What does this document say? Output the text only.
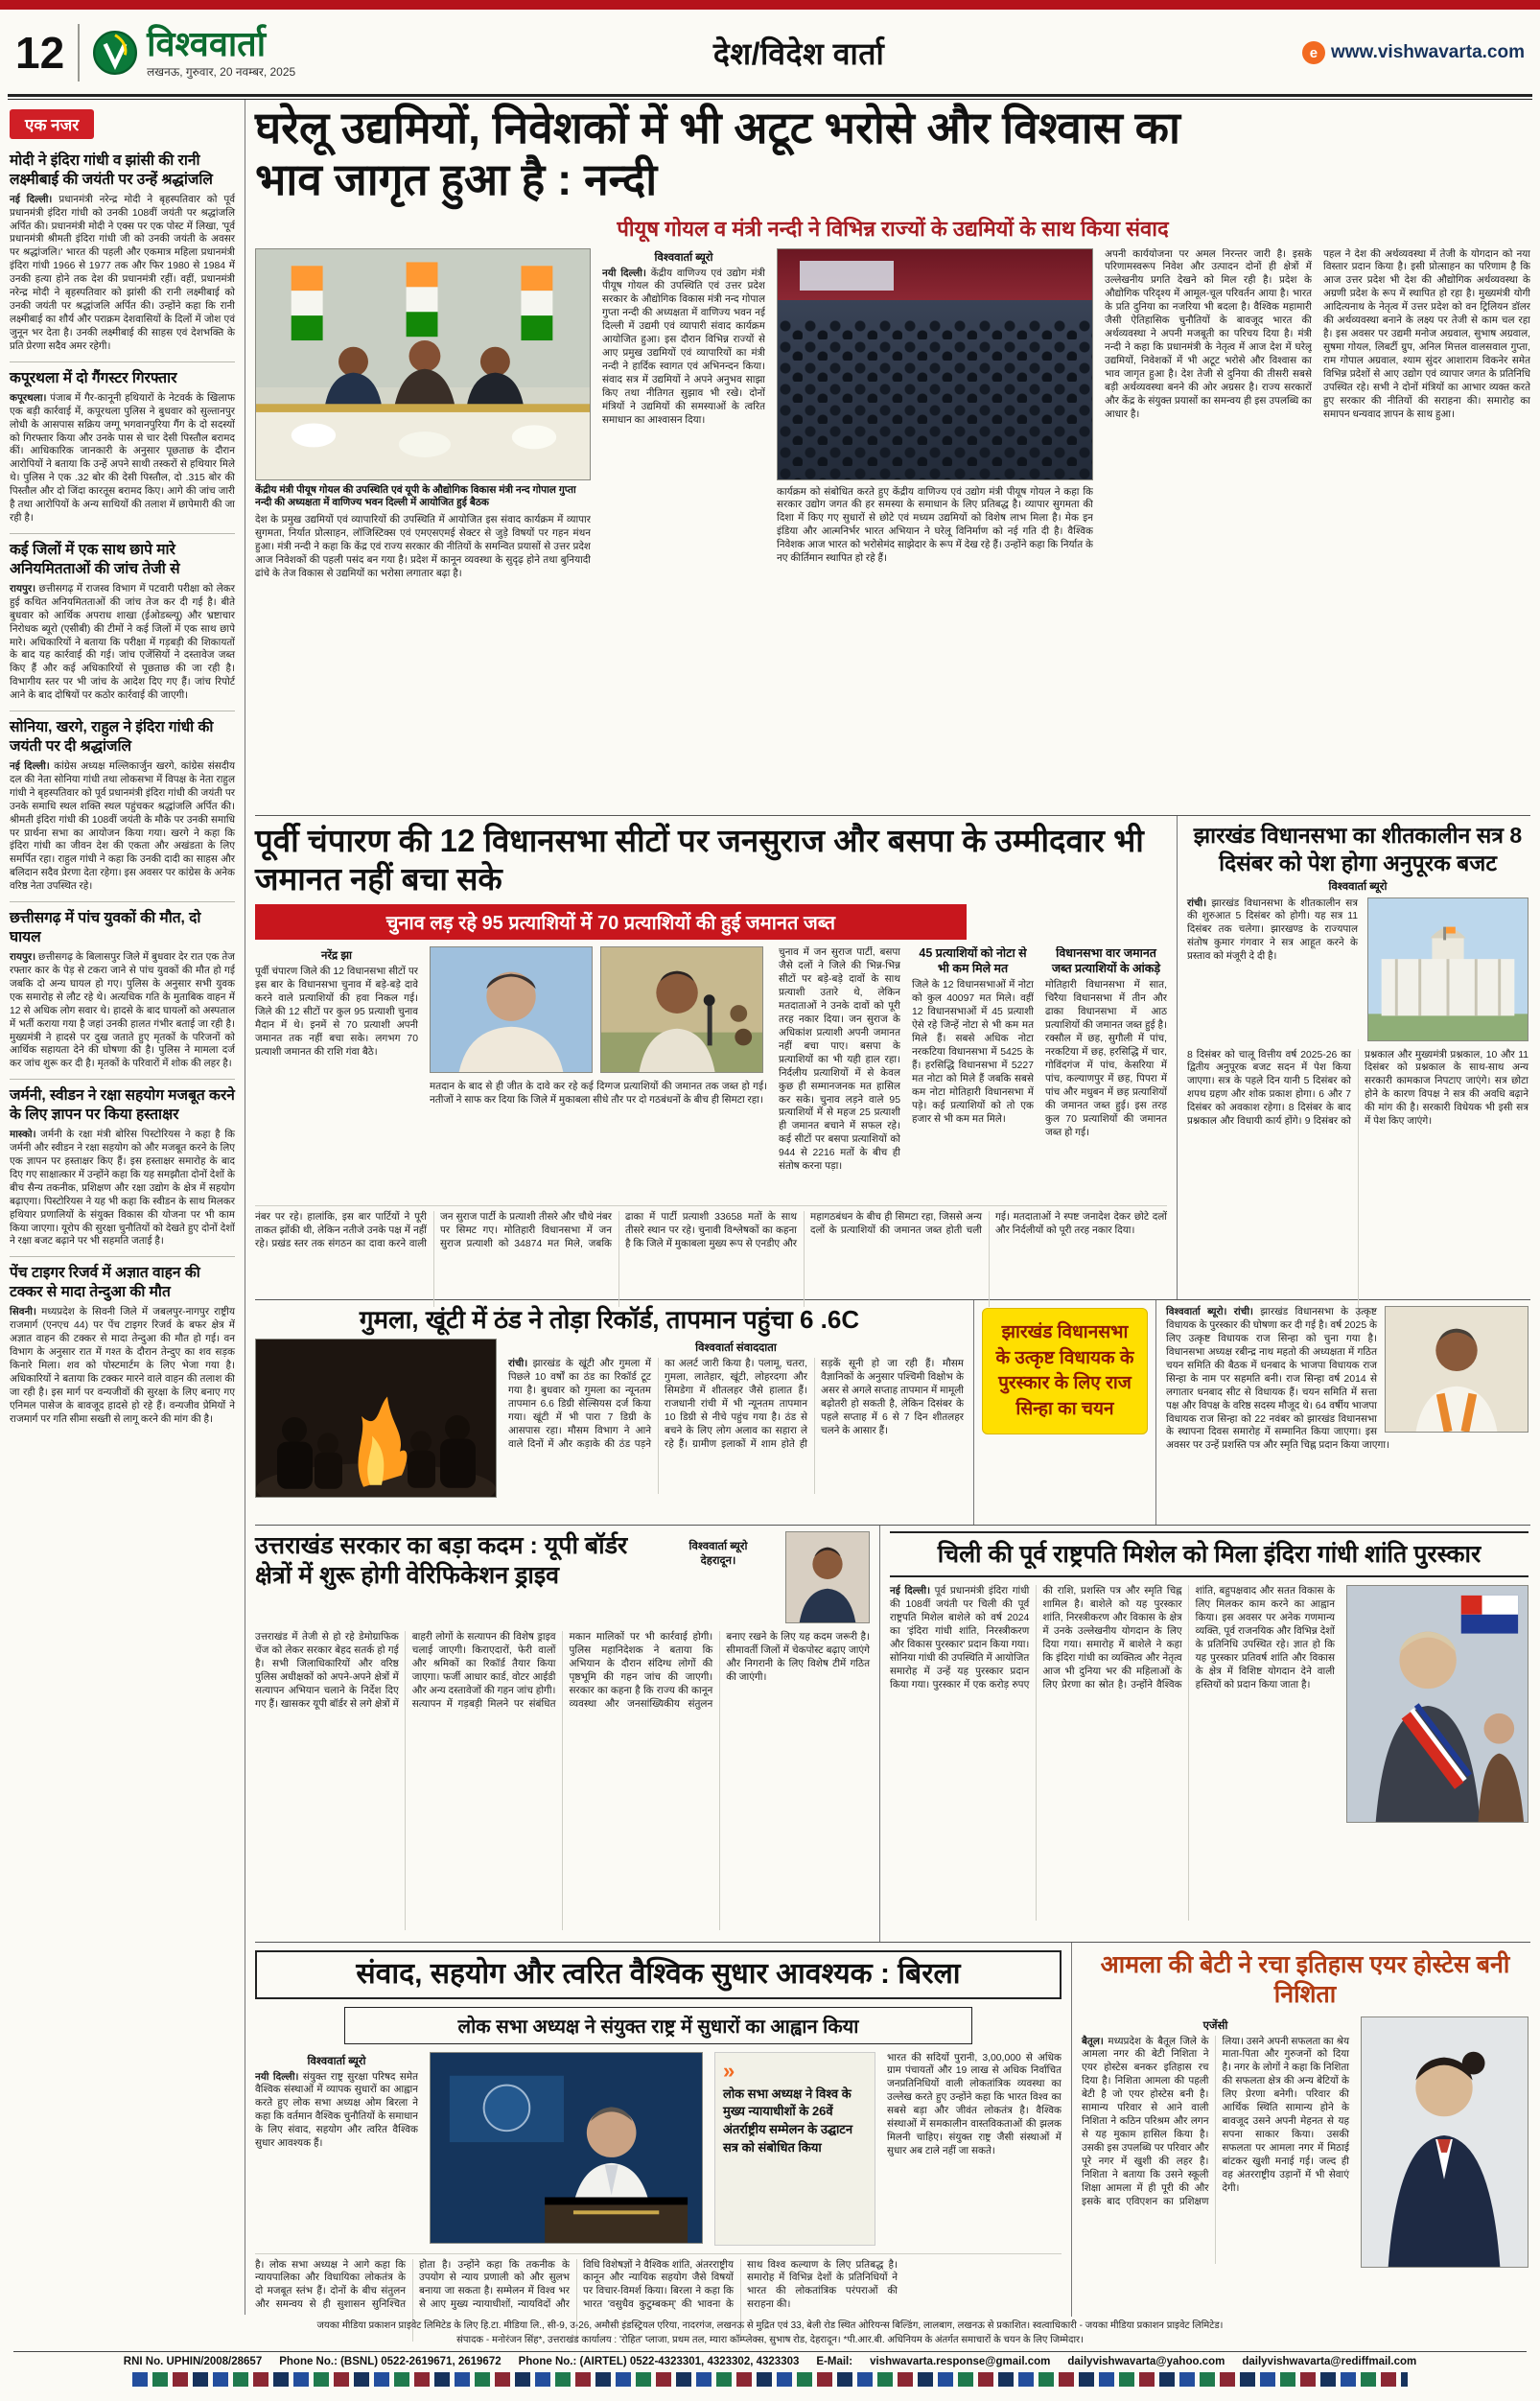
12 विश्ववार्ता
लखनऊ, गुरुवार, 20 नवम्बर, 2025
देश/विदेश वार्ता	e www.vishwavarta.com
एक नजर
मोदी ने इंदिरा गांधी व झांसी की रानी लक्ष्मीबाई की जयंती पर उन्हें श्रद्धांजलि

नई दिल्ली। प्रधानमंत्री नरेन्द्र मोदी ने बृहस्पतिवार को पूर्व प्रधानमंत्री इंदिरा गांधी को उनकी 108वीं जयंती पर श्रद्धांजलि अर्पित की। प्रधानमंत्री मोदी ने एक्स पर एक पोस्ट में लिखा, 'पूर्व प्रधानमंत्री श्रीमती इंदिरा गांधी जी को उनकी जयंती के अवसर पर श्रद्धांजलि।' भारत की पहली और एकमात्र महिला प्रधानमंत्री इंदिरा गांधी 1966 से 1977 तक और फिर 1980 से 1984 में उनकी हत्या होने तक देश की प्रधानमंत्री रहीं। वहीं, प्रधानमंत्री नरेन्द्र मोदी ने बृहस्पतिवार को झांसी की रानी लक्ष्मीबाई को उनकी जयंती पर श्रद्धांजलि अर्पित की। उन्होंने कहा कि रानी लक्ष्मीबाई का शौर्य और पराक्रम देशवासियों के दिलों में जोश एवं जुनून भर देता है। उनकी लक्ष्मीबाई की साहस एवं देशभक्ति के प्रति प्रेरणा सदैव अमर रहेगी।

कपूरथला में दो गैंगस्टर गिरफ्तार

कपूरथला। पंजाब में गैर-कानूनी हथियारों के नेटवर्क के खिलाफ एक बड़ी कार्रवाई में, कपूरथला पुलिस ने बुधवार को सुल्तानपुर लोधी के आसपास सक्रिय जग्गू भगवानपुरिया गैंग के दो सदस्यों को गिरफ्तार किया और उनके पास से चार देसी पिस्तौल बरामद कीं। आधिकारिक जानकारी के अनुसार पूछताछ के दौरान आरोपियों ने बताया कि उन्हें अपने साथी तस्करों से हथियार मिले थे। पुलिस ने एक .32 बोर की देसी पिस्तौल, दो .315 बोर की पिस्तौल और दो जिंदा कारतूस बरामद किए। आगे की जांच जारी है तथा आरोपियों के अन्य साथियों की तलाश में छापेमारी की जा रही है।

कई जिलों में एक साथ छापे मारे अनियमितताओं की जांच तेजी से

रायपुर। छत्तीसगढ़ में राजस्व विभाग में पटवारी परीक्षा को लेकर हुई कथित अनियमितताओं की जांच तेज कर दी गई है। बीते बुधवार को आर्थिक अपराध शाखा (ईओडब्ल्यू) और भ्रष्टाचार निरोधक ब्यूरो (एसीबी) की टीमों ने कई जिलों में एक साथ छापे मारे। अधिकारियों ने बताया कि परीक्षा में गड़बड़ी की शिकायतों के बाद यह कार्रवाई की गई। जांच एजेंसियों ने दस्तावेज जब्त किए हैं और कई अधिकारियों से पूछताछ की जा रही है। विभागीय स्तर पर भी जांच के आदेश दिए गए हैं। जांच रिपोर्ट आने के बाद दोषियों पर कठोर कार्रवाई की जाएगी।

सोनिया, खरगे, राहुल ने इंदिरा गांधी की जयंती पर दी श्रद्धांजलि

नई दिल्ली। कांग्रेस अध्यक्ष मल्लिकार्जुन खरगे, कांग्रेस संसदीय दल की नेता सोनिया गांधी तथा लोकसभा में विपक्ष के नेता राहुल गांधी ने बृहस्पतिवार को पूर्व प्रधानमंत्री इंदिरा गांधी की जयंती पर उनके समाधि स्थल शक्ति स्थल पहुंचकर श्रद्धांजलि अर्पित की। श्रीमती इंदिरा गांधी की 108वीं जयंती के मौके पर उनकी समाधि पर प्रार्थना सभा का आयोजन किया गया। खरगे ने कहा कि इंदिरा गांधी का जीवन देश की एकता और अखंडता के लिए समर्पित रहा। राहुल गांधी ने कहा कि उनकी दादी का साहस और बलिदान सदैव प्रेरणा देता रहेगा। इस अवसर पर कांग्रेस के अनेक वरिष्ठ नेता उपस्थित रहे।

छत्तीसगढ़ में पांच युवकों की मौत, दो घायल

रायपुर। छत्तीसगढ़ के बिलासपुर जिले में बुधवार देर रात एक तेज रफ्तार कार के पेड़ से टकरा जाने से पांच युवकों की मौत हो गई जबकि दो अन्य घायल हो गए। पुलिस के अनुसार सभी युवक एक समारोह से लौट रहे थे। अत्यधिक गति के मुताबिक वाहन में 12 से अधिक लोग सवार थे। हादसे के बाद घायलों को अस्पताल में भर्ती कराया गया है जहां उनकी हालत गंभीर बताई जा रही है। मुख्यमंत्री ने हादसे पर दुख जताते हुए मृतकों के परिजनों को आर्थिक सहायता देने की घोषणा की है। पुलिस ने मामला दर्ज कर जांच शुरू कर दी है। मृतकों के परिवारों में शोक की लहर है।

जर्मनी, स्वीडन ने रक्षा सहयोग मजबूत करने के लिए ज्ञापन पर किया हस्ताक्षर

मास्को। जर्मनी के रक्षा मंत्री बोरिस पिस्टोरियस ने कहा है कि जर्मनी और स्वीडन ने रक्षा सहयोग को और मजबूत करने के लिए एक ज्ञापन पर हस्ताक्षर किए हैं। इस हस्ताक्षर समारोह के बाद दिए गए साक्षात्कार में उन्होंने कहा कि यह समझौता दोनों देशों के बीच सैन्य तकनीक, प्रशिक्षण और रक्षा उद्योग के क्षेत्र में सहयोग बढ़ाएगा। पिस्टोरियस ने यह भी कहा कि स्वीडन के साथ मिलकर हथियार प्रणालियों के संयुक्त विकास की योजना पर भी काम किया जाएगा। यूरोप की सुरक्षा चुनौतियों को देखते हुए दोनों देशों ने रक्षा बजट बढ़ाने पर भी सहमति जताई है।

पेंच टाइगर रिजर्व में अज्ञात वाहन की टक्कर से मादा तेन्दुआ की मौत

सिवनी। मध्यप्रदेश के सिवनी जिले में जबलपुर-नागपुर राष्ट्रीय राजमार्ग (एनएच 44) पर पेंच टाइगर रिजर्व के बफर क्षेत्र में अज्ञात वाहन की टक्कर से मादा तेन्दुआ की मौत हो गई। वन विभाग के अनुसार रात में गश्त के दौरान तेन्दुए का शव सड़क किनारे मिला। शव को पोस्टमार्टम के लिए भेजा गया है। अधिकारियों ने बताया कि टक्कर मारने वाले वाहन की तलाश की जा रही है। इस मार्ग पर वन्यजीवों की सुरक्षा के लिए बनाए गए एनिमल पासेज के बावजूद हादसे हो रहे हैं। वन्यजीव प्रेमियों ने राजमार्ग पर गति सीमा सख्ती से लागू करने की मांग की है।

घरेलू उद्यमियों, निवेशकों में भी अटूट भरोसे और विश्वास का भाव जागृत हुआ है : नन्दी
पीयूष गोयल व मंत्री नन्दी ने विभिन्न राज्यों के उद्यमियों के साथ किया संवाद
केंद्रीय मंत्री पीयूष गोयल की उपस्थिति एवं यूपी के औद्योगिक विकास मंत्री नन्द गोपाल गुप्ता नन्दी की अध्यक्षता में वाणिज्य भवन दिल्ली में आयोजित हुई बैठक

देश के प्रमुख उद्यमियों एवं व्यापारियों की उपस्थिति में आयोजित इस संवाद कार्यक्रम में व्यापार सुगमता, निर्यात प्रोत्साहन, लॉजिस्टिक्स एवं एमएसएमई सेक्टर से जुड़े विषयों पर गहन मंथन हुआ। मंत्री नन्दी ने कहा कि केंद्र एवं राज्य सरकार की नीतियों के समन्वित प्रयासों से उत्तर प्रदेश आज निवेशकों की पहली पसंद बन गया है। प्रदेश में कानून व्यवस्था के सुदृढ़ होने तथा बुनियादी ढांचे के तेज विकास से उद्यमियों का भरोसा लगातार बढ़ा है।

विश्ववार्ता ब्यूरो

नयी दिल्ली। केंद्रीय वाणिज्य एवं उद्योग मंत्री पीयूष गोयल की उपस्थिति एवं उत्तर प्रदेश सरकार के औद्योगिक विकास मंत्री नन्द गोपाल गुप्ता नन्दी की अध्यक्षता में वाणिज्य भवन नई दिल्ली में उद्यमी एवं व्यापारी संवाद कार्यक्रम आयोजित हुआ। इस दौरान विभिन्न राज्यों से आए प्रमुख उद्यमियों एवं व्यापारियों का मंत्री नन्दी ने हार्दिक स्वागत एवं अभिनन्दन किया। संवाद सत्र में उद्यमियों ने अपने अनुभव साझा किए तथा नीतिगत सुझाव भी रखे। दोनों मंत्रियों ने उद्यमियों की समस्याओं के त्वरित समाधान का आश्वासन दिया।

कार्यक्रम को संबोधित करते हुए केंद्रीय वाणिज्य एवं उद्योग मंत्री पीयूष गोयल ने कहा कि सरकार उद्योग जगत की हर समस्या के समाधान के लिए प्रतिबद्ध है। व्यापार सुगमता की दिशा में किए गए सुधारों से छोटे एवं मध्यम उद्यमियों को विशेष लाभ मिला है। मेक इन इंडिया और आत्मनिर्भर भारत अभियान ने घरेलू विनिर्माण को नई गति दी है। वैश्विक निवेशक आज भारत को भरोसेमंद साझेदार के रूप में देख रहे हैं। उन्होंने कहा कि निर्यात के नए कीर्तिमान स्थापित हो रहे हैं।

अपनी कार्ययोजना पर अमल निरन्तर जारी है। इसके परिणामस्वरूप निवेश और उत्पादन दोनों ही क्षेत्रों में उल्लेखनीय प्रगति देखने को मिल रही है। प्रदेश के औद्योगिक परिदृश्य में आमूल-चूल परिवर्तन आया है। भारत के प्रति दुनिया का नजरिया भी बदला है। वैश्विक महामारी जैसी ऐतिहासिक चुनौतियों के बावजूद भारत की अर्थव्यवस्था ने अपनी मजबूती का परिचय दिया है। मंत्री नन्दी ने कहा कि प्रधानमंत्री के नेतृत्व में आज देश में घरेलू उद्यमियों, निवेशकों में भी अटूट भरोसे और विश्वास का भाव जागृत हुआ है। देश तेजी से दुनिया की तीसरी सबसे बड़ी अर्थव्यवस्था बनने की ओर अग्रसर है। राज्य सरकारों और केंद्र के संयुक्त प्रयासों का समन्वय ही इस उपलब्धि का आधार है।

पहल ने देश की अर्थव्यवस्था में तेजी के योगदान को नया विस्तार प्रदान किया है। इसी प्रोत्साहन का परिणाम है कि आज उत्तर प्रदेश भी देश की औद्योगिक अर्थव्यवस्था के अग्रणी प्रदेश के रूप में स्थापित हो रहा है। मुख्यमंत्री योगी आदित्यनाथ के नेतृत्व में उत्तर प्रदेश को वन ट्रिलियन डॉलर की अर्थव्यवस्था बनाने के लक्ष्य पर तेजी से काम चल रहा है। इस अवसर पर उद्यमी मनोज अग्रवाल, सुभाष अग्रवाल, सुषमा गोयल, लिबर्टी ग्रुप, अनिल मित्तल वालसवाल गुप्ता, राम गोपाल अग्रवाल, श्याम सुंदर आशाराम विकनेर समेत विभिन्न प्रदेशों से आए उद्योग एवं व्यापार जगत के प्रतिनिधि उपस्थित रहे। सभी ने दोनों मंत्रियों का आभार व्यक्त करते हुए सरकार की नीतियों की सराहना की। समारोह का समापन धन्यवाद ज्ञापन के साथ हुआ।

पूर्वी चंपारण की 12 विधानसभा सीटों पर जनसुराज और बसपा के उम्मीदवार भी जमानत नहीं बचा सके
चुनाव लड़ रहे 95 प्रत्याशियों में 70 प्रत्याशियों की हुई जमानत जब्त
नरेंद्र झा

पूर्वी चंपारण जिले की 12 विधानसभा सीटों पर इस बार के विधानसभा चुनाव में बड़े-बड़े दावे करने वाले प्रत्याशियों की हवा निकल गई। जिले की 12 सीटों पर कुल 95 प्रत्याशी चुनाव मैदान में थे। इनमें से 70 प्रत्याशी अपनी जमानत तक नहीं बचा सके। लगभग 70 प्रत्याशी जमानत की राशि गंवा बैठे।

मतदान के बाद से ही जीत के दावे कर रहे कई दिग्गज प्रत्याशियों की जमानत तक जब्त हो गई। नतीजों ने साफ कर दिया कि जिले में मुकाबला सीधे तौर पर दो गठबंधनों के बीच ही सिमटा रहा।

चुनाव में जन सुराज पार्टी, बसपा जैसे दलों ने जिले की भिन्न-भिन्न सीटों पर बड़े-बड़े दावों के साथ प्रत्याशी उतारे थे, लेकिन मतदाताओं ने उनके दावों को पूरी तरह नकार दिया। जन सुराज के अधिकांश प्रत्याशी अपनी जमानत नहीं बचा पाए। बसपा के प्रत्याशियों का भी यही हाल रहा। निर्दलीय प्रत्याशियों में से केवल कुछ ही सम्मानजनक मत हासिल कर सके। चुनाव लड़ने वाले 95 प्रत्याशियों में से महज 25 प्रत्याशी ही जमानत बचाने में सफल रहे। कई सीटों पर बसपा प्रत्याशियों को 944 से 2216 मतों के बीच ही संतोष करना पड़ा।

45 प्रत्याशियों को नोटा से भी कम मिले मत

जिले के 12 विधानसभाओं में नोटा को कुल 40097 मत मिले। वहीं 12 विधानसभाओं में 45 प्रत्याशी ऐसे रहे जिन्हें नोटा से भी कम मत मिले हैं। सबसे अधिक नोटा नरकटिया विधानसभा में 5425 के हैं। हरसिद्धि विधानसभा में 5227 मत नोटा को मिले हैं जबकि सबसे कम नोटा मोतिहारी विधानसभा में पड़े। कई प्रत्याशियों को तो एक हजार से भी कम मत मिले।

विधानसभा वार जमानत जब्त प्रत्याशियों के आंकड़े

मोतिहारी विधानसभा में सात, चिरैया विधानसभा में तीन और ढाका विधानसभा में आठ प्रत्याशियों की जमानत जब्त हुई है। रक्सौल में छह, सुगौली में पांच, नरकटिया में छह, हरसिद्धि में चार, गोविंदगंज में पांच, केसरिया में पांच, कल्याणपुर में छह, पिपरा में पांच और मधुबन में छह प्रत्याशियों की जमानत जब्त हुई। इस तरह कुल 70 प्रत्याशियों की जमानत जब्त हो गई।

नंबर पर रहे। हालांकि, इस बार पार्टियों ने पूरी ताकत झोंकी थी, लेकिन नतीजे उनके पक्ष में नहीं रहे। प्रखंड स्तर तक संगठन का दावा करने वाली जन सुराज पार्टी के प्रत्याशी तीसरे और चौथे नंबर पर सिमट गए। मोतिहारी विधानसभा में जन सुराज प्रत्याशी को 34874 मत मिले, जबकि ढाका में पार्टी प्रत्याशी 33658 मतों के साथ तीसरे स्थान पर रहे। चुनावी विश्लेषकों का कहना है कि जिले में मुकाबला मुख्य रूप से एनडीए और महागठबंधन के बीच ही सिमटा रहा, जिससे अन्य दलों के प्रत्याशियों की जमानत जब्त होती चली गई। मतदाताओं ने स्पष्ट जनादेश देकर छोटे दलों और निर्दलीयों को पूरी तरह नकार दिया।

झारखंड विधानसभा का शीतकालीन सत्र 8 दिसंबर को पेश होगा अनुपूरक बजट
विश्ववार्ता ब्यूरो

रांची। झारखंड विधानसभा के शीतकालीन सत्र की शुरुआत 5 दिसंबर को होगी। यह सत्र 11 दिसंबर तक चलेगा। झारखण्ड के राज्यपाल संतोष कुमार गंगवार ने सत्र आहूत करने के प्रस्ताव को मंजूरी दे दी है।

8 दिसंबर को चालू वित्तीय वर्ष 2025-26 का द्वितीय अनुपूरक बजट सदन में पेश किया जाएगा। सत्र के पहले दिन यानी 5 दिसंबर को शपथ ग्रहण और शोक प्रकाश होगा। 6 और 7 दिसंबर को अवकाश रहेगा। 8 दिसंबर के बाद प्रश्नकाल और विधायी कार्य होंगे। 9 दिसंबर को प्रश्नकाल और मुख्यमंत्री प्रश्नकाल, 10 और 11 दिसंबर को प्रश्नकाल के साथ-साथ अन्य सरकारी कामकाज निपटाए जाएंगे। सत्र छोटा होने के कारण विपक्ष ने सत्र की अवधि बढ़ाने की मांग की है। सरकारी विधेयक भी इसी सत्र में पेश किए जाएंगे।

गुमला, खूंटी में ठंड ने तोड़ा रिकॉर्ड, तापमान पहुंचा 6 .6C
विश्ववार्ता संवाददाता

रांची। झारखंड के खूंटी और गुमला में पिछले 10 वर्षों का ठंड का रिकॉर्ड टूट गया है। बुधवार को गुमला का न्यूनतम तापमान 6.6 डिग्री सेल्सियस दर्ज किया गया। खूंटी में भी पारा 7 डिग्री के आसपास रहा। मौसम विभाग ने आने वाले दिनों में और कड़ाके की ठंड पड़ने का अलर्ट जारी किया है। पलामू, चतरा, गुमला, लातेहार, खूंटी, लोहरदगा और सिमडेगा में शीतलहर जैसे हालात हैं। राजधानी रांची में भी न्यूनतम तापमान 10 डिग्री से नीचे पहुंच गया है। ठंड से बचने के लिए लोग अलाव का सहारा ले रहे हैं। ग्रामीण इलाकों में शाम होते ही सड़कें सूनी हो जा रही हैं। मौसम वैज्ञानिकों के अनुसार पश्चिमी विक्षोभ के असर से अगले सप्ताह तापमान में मामूली बढ़ोतरी हो सकती है, लेकिन दिसंबर के पहले सप्ताह में 6 से 7 दिन शीतलहर चलने के आसार हैं।

झारखंड विधानसभा के उत्कृष्ट विधायक के पुरस्कार के लिए राज सिन्हा का चयन

विश्ववार्ता ब्यूरो। रांची। झारखंड विधानसभा के उत्कृष्ट विधायक के पुरस्कार की घोषणा कर दी गई है। वर्ष 2025 के लिए उत्कृष्ट विधायक राज सिन्हा को चुना गया है। विधानसभा अध्यक्ष रबीन्द्र नाथ महतो की अध्यक्षता में गठित चयन समिति की बैठक में धनबाद के भाजपा विधायक राज सिन्हा के नाम पर सहमति बनी। राज सिन्हा वर्ष 2014 से लगातार धनबाद सीट से विधायक हैं। चयन समिति में सत्ता पक्ष और विपक्ष के वरिष्ठ सदस्य मौजूद थे। 64 वर्षीय भाजपा विधायक राज सिन्हा को 22 नवंबर को झारखंड विधानसभा के स्थापना दिवस समारोह में सम्मानित किया जाएगा। इस अवसर पर उन्हें प्रशस्ति पत्र और स्मृति चिह्न प्रदान किया जाएगा।

उत्तराखंड सरकार का बड़ा कदम : यूपी बॉर्डर क्षेत्रों में शुरू होगी वेरिफिकेशन ड्राइव
विश्ववार्ता ब्यूरो
देहरादून।

उत्तराखंड में तेजी से हो रहे डेमोग्राफिक चेंज को लेकर सरकार बेहद सतर्क हो गई है। सभी जिलाधिकारियों और वरिष्ठ पुलिस अधीक्षकों को अपने-अपने क्षेत्रों में सत्यापन अभियान चलाने के निर्देश दिए गए हैं। खासकर यूपी बॉर्डर से लगे क्षेत्रों में बाहरी लोगों के सत्यापन की विशेष ड्राइव चलाई जाएगी। किराएदारों, फेरी वालों और श्रमिकों का रिकॉर्ड तैयार किया जाएगा। फर्जी आधार कार्ड, वोटर आईडी और अन्य दस्तावेजों की गहन जांच होगी। सत्यापन में गड़बड़ी मिलने पर संबंधित मकान मालिकों पर भी कार्रवाई होगी। पुलिस महानिदेशक ने बताया कि अभियान के दौरान संदिग्ध लोगों की पृष्ठभूमि की गहन जांच की जाएगी। सरकार का कहना है कि राज्य की कानून व्यवस्था और जनसांख्यिकीय संतुलन बनाए रखने के लिए यह कदम जरूरी है। सीमावर्ती जिलों में चेकपोस्ट बढ़ाए जाएंगे और निगरानी के लिए विशेष टीमें गठित की जाएंगी।

चिली की पूर्व राष्ट्रपति मिशेल को मिला इंदिरा गांधी शांति पुरस्कार

नई दिल्ली। पूर्व प्रधानमंत्री इंदिरा गांधी की 108वीं जयंती पर चिली की पूर्व राष्ट्रपति मिशेल बाशेले को वर्ष 2024 का 'इंदिरा गांधी शांति, निरस्त्रीकरण और विकास पुरस्कार' प्रदान किया गया। सोनिया गांधी की उपस्थिति में आयोजित समारोह में उन्हें यह पुरस्कार प्रदान किया गया। पुरस्कार में एक करोड़ रुपए की राशि, प्रशस्ति पत्र और स्मृति चिह्न शामिल है। बाशेले को यह पुरस्कार शांति, निरस्त्रीकरण और विकास के क्षेत्र में उनके उल्लेखनीय योगदान के लिए दिया गया। समारोह में बाशेले ने कहा कि इंदिरा गांधी का व्यक्तित्व और नेतृत्व आज भी दुनिया भर की महिलाओं के लिए प्रेरणा का स्रोत है। उन्होंने वैश्विक शांति, बहुपक्षवाद और सतत विकास के लिए मिलकर काम करने का आह्वान किया। इस अवसर पर अनेक गणमान्य व्यक्ति, पूर्व राजनयिक और विभिन्न देशों के प्रतिनिधि उपस्थित रहे। ज्ञात हो कि यह पुरस्कार प्रतिवर्ष शांति और विकास के क्षेत्र में विशिष्ट योगदान देने वाली हस्तियों को प्रदान किया जाता है।

संवाद, सहयोग और त्वरित वैश्विक सुधार आवश्यक : बिरला
लोक सभा अध्यक्ष ने संयुक्त राष्ट्र में सुधारों का आह्वान किया
विश्ववार्ता ब्यूरो

नयी दिल्ली। संयुक्त राष्ट्र सुरक्षा परिषद समेत वैश्विक संस्थाओं में व्यापक सुधारों का आह्वान करते हुए लोक सभा अध्यक्ष ओम बिरला ने कहा कि वर्तमान वैश्विक चुनौतियों के समाधान के लिए संवाद, सहयोग और त्वरित वैश्विक सुधार आवश्यक हैं।

»
लोक सभा अध्यक्ष ने विश्व के मुख्य न्यायाधीशों के 26वें अंतर्राष्ट्रीय सम्मेलन के उद्घाटन सत्र को संबोधित किया

भारत की सदियों पुरानी, 3,00,000 से अधिक ग्राम पंचायतों और 19 लाख से अधिक निर्वाचित जनप्रतिनिधियों वाली लोकतांत्रिक व्यवस्था का उल्लेख करते हुए उन्होंने कहा कि भारत विश्व का सबसे बड़ा और जीवंत लोकतंत्र है। वैश्विक संस्थाओं में समकालीन वास्तविकताओं की झलक मिलनी चाहिए। संयुक्त राष्ट्र जैसी संस्थाओं में सुधार अब टाले नहीं जा सकते।

है। लोक सभा अध्यक्ष ने आगे कहा कि न्यायपालिका और विधायिका लोकतंत्र के दो मजबूत स्तंभ हैं। दोनों के बीच संतुलन और समन्वय से ही सुशासन सुनिश्चित होता है। उन्होंने कहा कि तकनीक के उपयोग से न्याय प्रणाली को और सुलभ बनाया जा सकता है। सम्मेलन में विश्व भर से आए मुख्य न्यायाधीशों, न्यायविदों और विधि विशेषज्ञों ने वैश्विक शांति, अंतरराष्ट्रीय कानून और न्यायिक सहयोग जैसे विषयों पर विचार-विमर्श किया। बिरला ने कहा कि भारत 'वसुधैव कुटुम्बकम्' की भावना के साथ विश्व कल्याण के लिए प्रतिबद्ध है। समारोह में विभिन्न देशों के प्रतिनिधियों ने भारत की लोकतांत्रिक परंपराओं की सराहना की।

आमला की बेटी ने रचा इतिहास एयर होस्टेस बनी निशिता
एजेंसी

बैतूल। मध्यप्रदेश के बैतूल जिले के आमला नगर की बेटी निशिता ने एयर होस्टेस बनकर इतिहास रच दिया है। निशिता आमला की पहली बेटी है जो एयर होस्टेस बनी है। सामान्य परिवार से आने वाली निशिता ने कठिन परिश्रम और लगन से यह मुकाम हासिल किया है। उसकी इस उपलब्धि पर परिवार और पूरे नगर में खुशी की लहर है। निशिता ने बताया कि उसने स्कूली शिक्षा आमला में ही पूरी की और इसके बाद एविएशन का प्रशिक्षण लिया। उसने अपनी सफलता का श्रेय माता-पिता और गुरुजनों को दिया है। नगर के लोगों ने कहा कि निशिता की सफलता क्षेत्र की अन्य बेटियों के लिए प्रेरणा बनेगी। परिवार की आर्थिक स्थिति सामान्य होने के बावजूद उसने अपनी मेहनत से यह सपना साकार किया। उसकी सफलता पर आमला नगर में मिठाई बांटकर खुशी मनाई गई। जल्द ही वह अंतरराष्ट्रीय उड़ानों में भी सेवाएं देगी।

जयका मीडिया प्रकाशन प्राइवेट लिमिटेड के लिए हि.टा. मीडिया लि., सी-9, उ-26, अमौसी इंडस्ट्रियल एरिया, नादरगंज, लखनऊ से मुद्रित एवं 33, बेली रोड स्थित ओरियन्स बिल्डिंग, लालबाग, लखनऊ से प्रकाशित। स्वत्वाधिकारी - जयका मीडिया प्रकाशन प्राइवेट लिमिटेड।

संपादक - मनोरंजन सिंह*, उत्तराखंड कार्यालय : 'रोहित' प्लाजा, प्रथम तल, म्यारा कॉम्प्लेक्स, सुभाष रोड, देहरादून। *पी.आर.बी. अधिनियम के अंतर्गत समाचारों के चयन के लिए जिम्मेदार।

RNI No. UPHIN/2008/28657 Phone No.: (BSNL) 0522-2619671, 2619672 Phone No.: (AIRTEL) 0522-4323301, 4323302, 4323303 E-Mail: vishwavarta.response@gmail.com dailyvishwavarta@yahoo.com dailyvishwavarta@rediffmail.com
